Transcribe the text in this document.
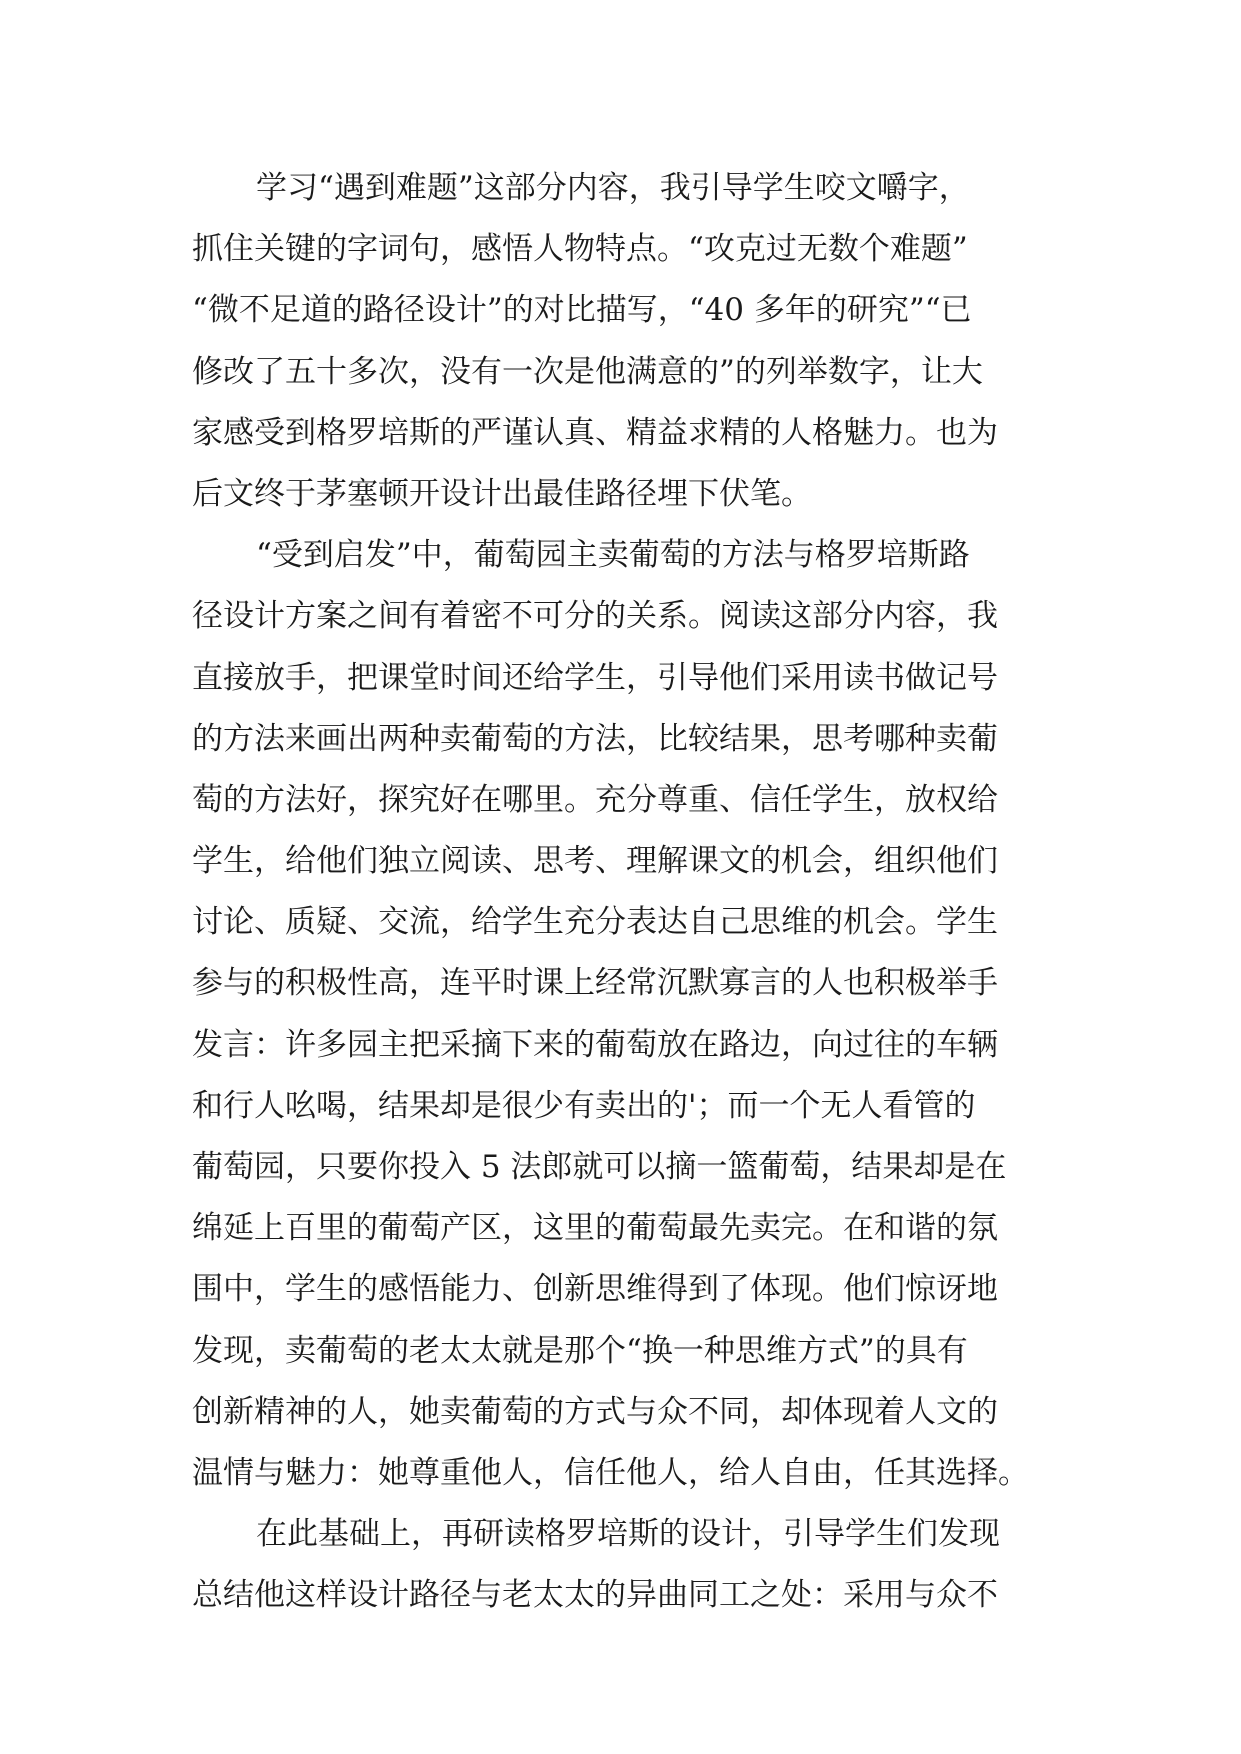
学习“遇到难题”这部分内容，我引导学生咬文嚼字，
抓住关键的字词句，感悟人物特点。“攻克过无数个难题”
“微不足道的路径设计”的对比描写，“40 多年的研究”“已
修改了五十多次，没有一次是他满意的”的列举数字，让大
家感受到格罗培斯的严谨认真、精益求精的人格魅力。也为
后文终于茅塞顿开设计出最佳路径埋下伏笔。
“受到启发”中，葡萄园主卖葡萄的方法与格罗培斯路
径设计方案之间有着密不可分的关系。阅读这部分内容，我
直接放手，把课堂时间还给学生，引导他们采用读书做记号
的方法来画出两种卖葡萄的方法，比较结果，思考哪种卖葡
萄的方法好，探究好在哪里。充分尊重、信任学生，放权给
学生，给他们独立阅读、思考、理解课文的机会，组织他们
讨论、质疑、交流，给学生充分表达自己思维的机会。学生
参与的积极性高，连平时课上经常沉默寡言的人也积极举手
发言：许多园主把采摘下来的葡萄放在路边，向过往的车辆
和行人吆喝，结果却是很少有卖出的'；而一个无人看管的
葡萄园，只要你投入 5 法郎就可以摘一篮葡萄，结果却是在
绵延上百里的葡萄产区，这里的葡萄最先卖完。在和谐的氛
围中，学生的感悟能力、创新思维得到了体现。他们惊讶地
发现，卖葡萄的老太太就是那个“换一种思维方式”的具有
创新精神的人，她卖葡萄的方式与众不同，却体现着人文的
温情与魅力：她尊重他人，信任他人，给人自由，任其选择。
在此基础上，再研读格罗培斯的设计，引导学生们发现
总结他这样设计路径与老太太的异曲同工之处：采用与众不
